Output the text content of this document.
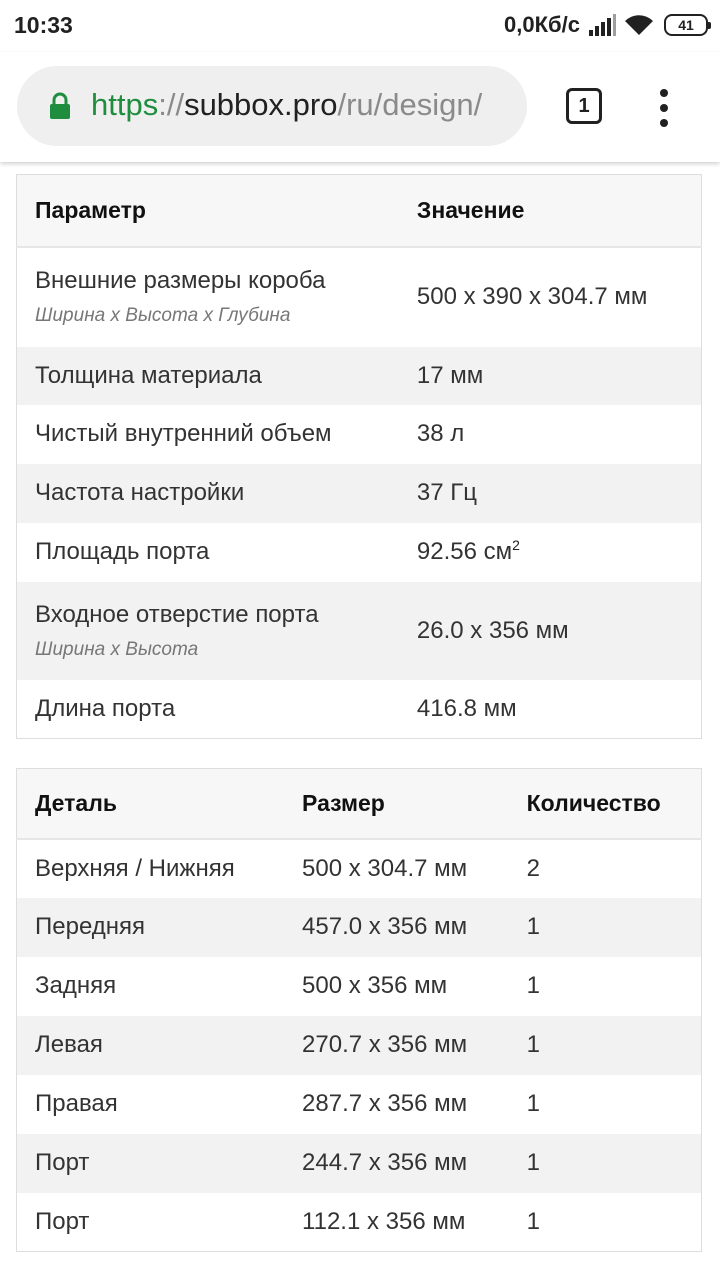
10:33	0,0Кб/с	41
https://subbox.pro/ru/design/	1
Параметр	Значение

Внешние размеры короба
Ширина x Высота x Глубина	500 x 390 x 304.7 мм

Толщина материала	17 мм

Чистый внутренний объем	38 л

Частота настройки	37 Гц

Площадь порта	92.56 $см^2$

Входное отверстие порта
Ширина x Высота	26.0 x 356 мм

Длина порта	416.8 мм
Деталь	Размер	Количество
Верхняя / Нижняя	500 x 304.7 мм	2
Передняя	457.0 x 356 мм	1
Задняя	500 x 356 мм	1
Левая	270.7 x 356 мм	1
Правая	287.7 x 356 мм	1
Порт	244.7 x 356 мм	1
Порт	112.1 x 356 мм	1
